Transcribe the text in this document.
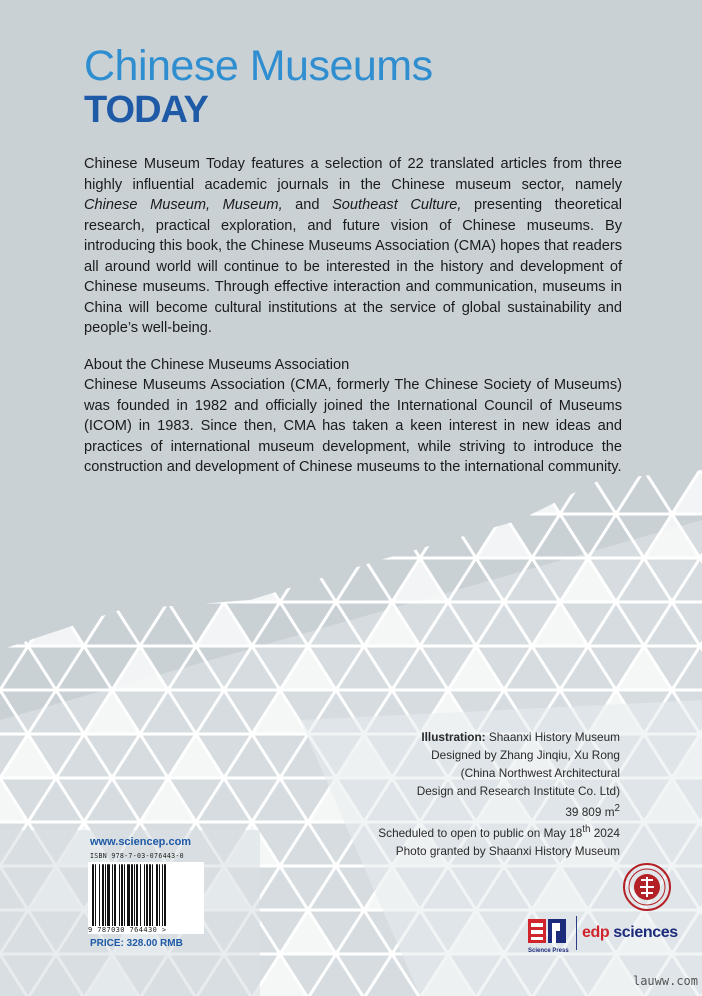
Chinese Museums
TODAY

Chinese Museum Today features a selection of 22 translated articles from three highly influential academic journals in the Chinese museum sector, namely Chinese Museum, Museum, and Southeast Culture, presenting theoretical research, practical exploration, and future vision of Chinese museums. By introducing this book, the Chinese Museums Association (CMA) hopes that readers all around world will continue to be interested in the history and development of Chinese museums. Through effective interaction and communication, museums in China will become cultural institutions at the service of global sustainability and people’s well-being.

About the Chinese Museums Association

Chinese Museums Association (CMA, formerly The Chinese Society of Museums) was founded in 1982 and officially joined the International Council of Museums (ICOM) in 1983. Since then, CMA has taken a keen interest in new ideas and practices of international museum development, while striving to introduce the construction and development of Chinese museums to the international community.

Illustration: Shaanxi History Museum
Designed by Zhang Jinqiu, Xu Rong
(China Northwest Architectural
Design and Research Institute Co. Ltd)
39 809 $m^2$
Scheduled to open to public on May 18th 2024
Photo granted by Shaanxi History Museum
www.sciencep.com
ISBN 978-7-03-076443-0
9 787030 764430 >
PRICE: 328.00 RMB
Science Press
edp sciences
lauww.com
